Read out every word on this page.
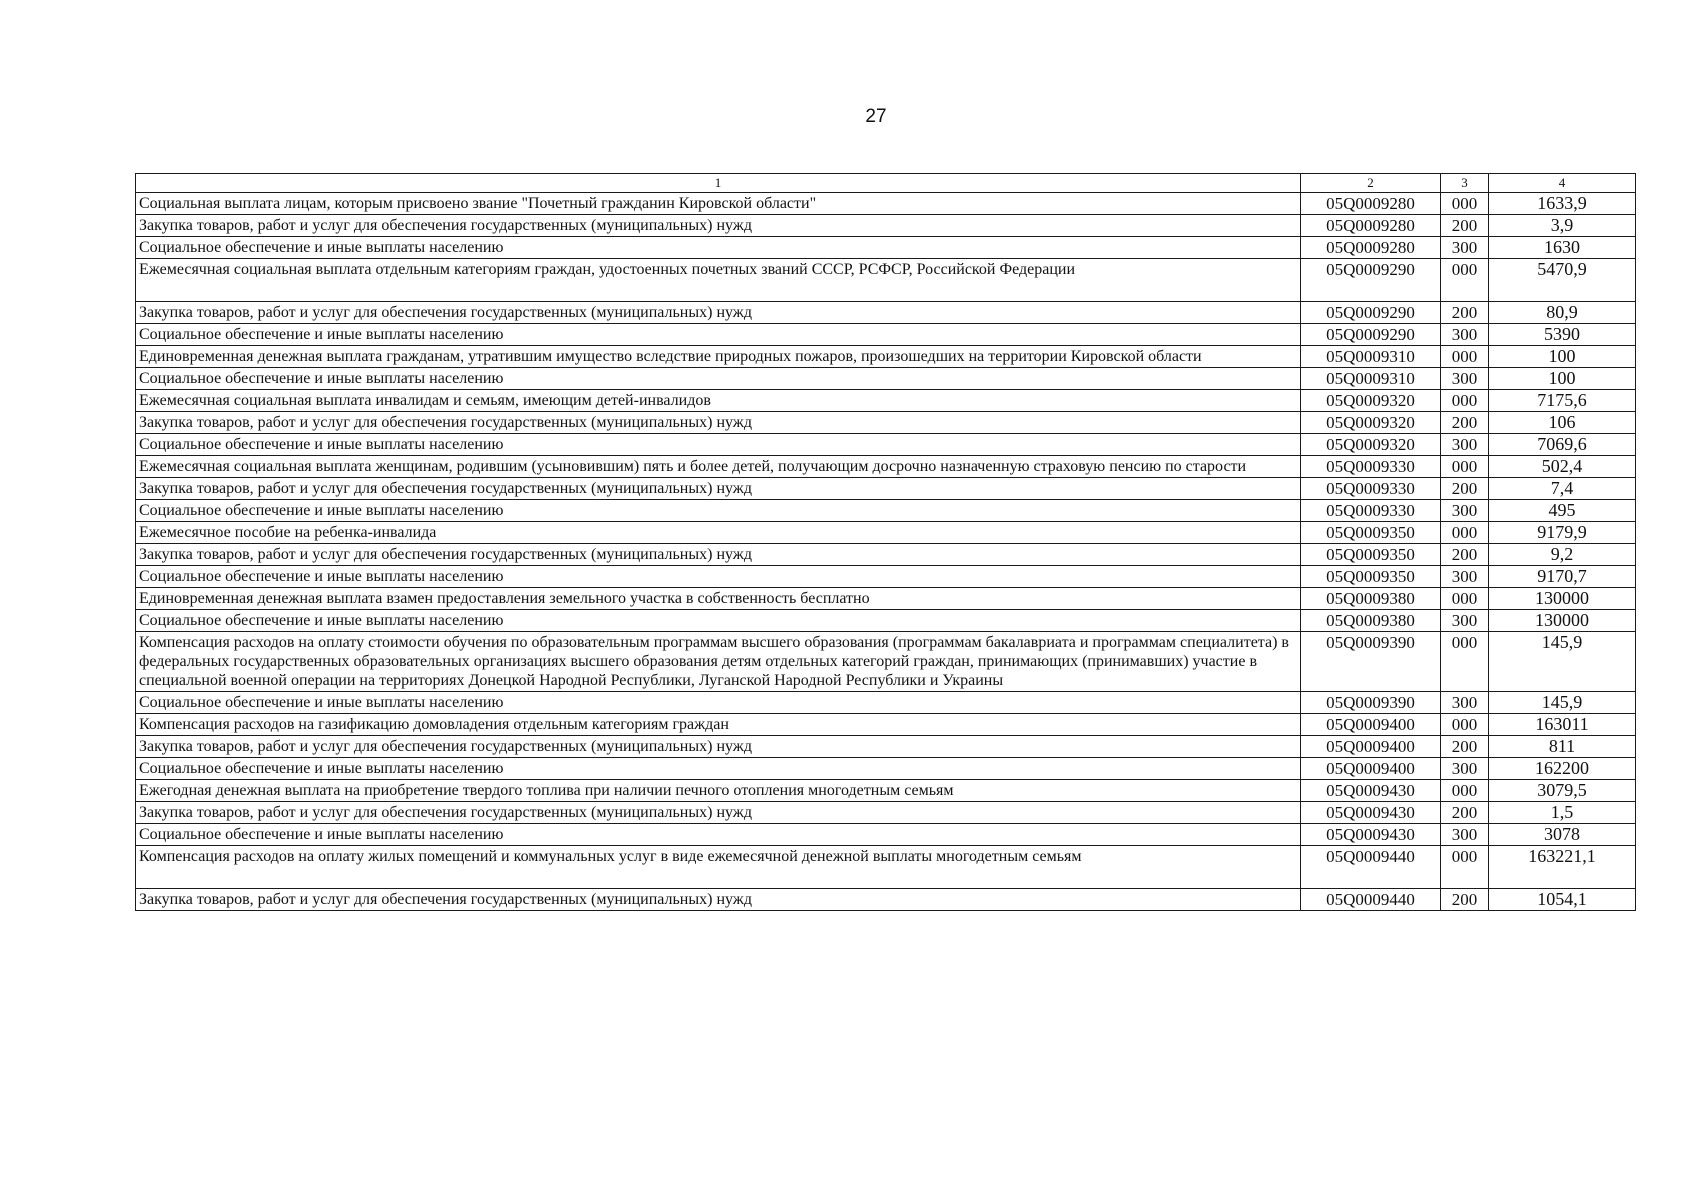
27
1	2	3	4
Социальная выплата лицам, которым присвоено звание "Почетный гражданин Кировской области"	05Q0009280	000	1633,9
Закупка товаров, работ и услуг для обеспечения государственных (муниципальных) нужд	05Q0009280	200	3,9
Социальное обеспечение и иные выплаты населению	05Q0009280	300	1630
Ежемесячная социальная выплата отдельным категориям граждан, удостоенных почетных званий СССР, РСФСР, Российской Федерации	05Q0009290	000	5470,9
Закупка товаров, работ и услуг для обеспечения государственных (муниципальных) нужд	05Q0009290	200	80,9
Социальное обеспечение и иные выплаты населению	05Q0009290	300	5390
Единовременная денежная выплата гражданам, утратившим имущество вследствие природных пожаров, произошедших на территории Кировской области	05Q0009310	000	100
Социальное обеспечение и иные выплаты населению	05Q0009310	300	100
Ежемесячная социальная выплата инвалидам и семьям, имеющим детей-инвалидов	05Q0009320	000	7175,6
Закупка товаров, работ и услуг для обеспечения государственных (муниципальных) нужд	05Q0009320	200	106
Социальное обеспечение и иные выплаты населению	05Q0009320	300	7069,6
Ежемесячная социальная выплата женщинам, родившим (усыновившим) пять и более детей, получающим досрочно назначенную страховую пенсию по старости	05Q0009330	000	502,4
Закупка товаров, работ и услуг для обеспечения государственных (муниципальных) нужд	05Q0009330	200	7,4
Социальное обеспечение и иные выплаты населению	05Q0009330	300	495
Ежемесячное пособие на ребенка-инвалида	05Q0009350	000	9179,9
Закупка товаров, работ и услуг для обеспечения государственных (муниципальных) нужд	05Q0009350	200	9,2
Социальное обеспечение и иные выплаты населению	05Q0009350	300	9170,7
Единовременная денежная выплата взамен предоставления земельного участка в собственность бесплатно	05Q0009380	000	130000
Социальное обеспечение и иные выплаты населению	05Q0009380	300	130000
Компенсация расходов на оплату стоимости обучения по образовательным программам высшего образования (программам бакалавриата и программам специалитета) в федеральных государственных образовательных организациях высшего образования детям отдельных категорий граждан, принимающих (принимавших) участие в специальной военной операции на территориях Донецкой Народной Республики, Луганской Народной Республики и Украины	05Q0009390	000	145,9
Социальное обеспечение и иные выплаты населению	05Q0009390	300	145,9
Компенсация расходов на газификацию домовладения отдельным категориям граждан	05Q0009400	000	163011
Закупка товаров, работ и услуг для обеспечения государственных (муниципальных) нужд	05Q0009400	200	811
Социальное обеспечение и иные выплаты населению	05Q0009400	300	162200
Ежегодная денежная выплата на приобретение твердого топлива при наличии печного отопления многодетным семьям	05Q0009430	000	3079,5
Закупка товаров, работ и услуг для обеспечения государственных (муниципальных) нужд	05Q0009430	200	1,5
Социальное обеспечение и иные выплаты населению	05Q0009430	300	3078
Компенсация расходов на оплату жилых помещений и коммунальных услуг в виде ежемесячной денежной выплаты многодетным семьям	05Q0009440	000	163221,1
Закупка товаров, работ и услуг для обеспечения государственных (муниципальных) нужд	05Q0009440	200	1054,1
